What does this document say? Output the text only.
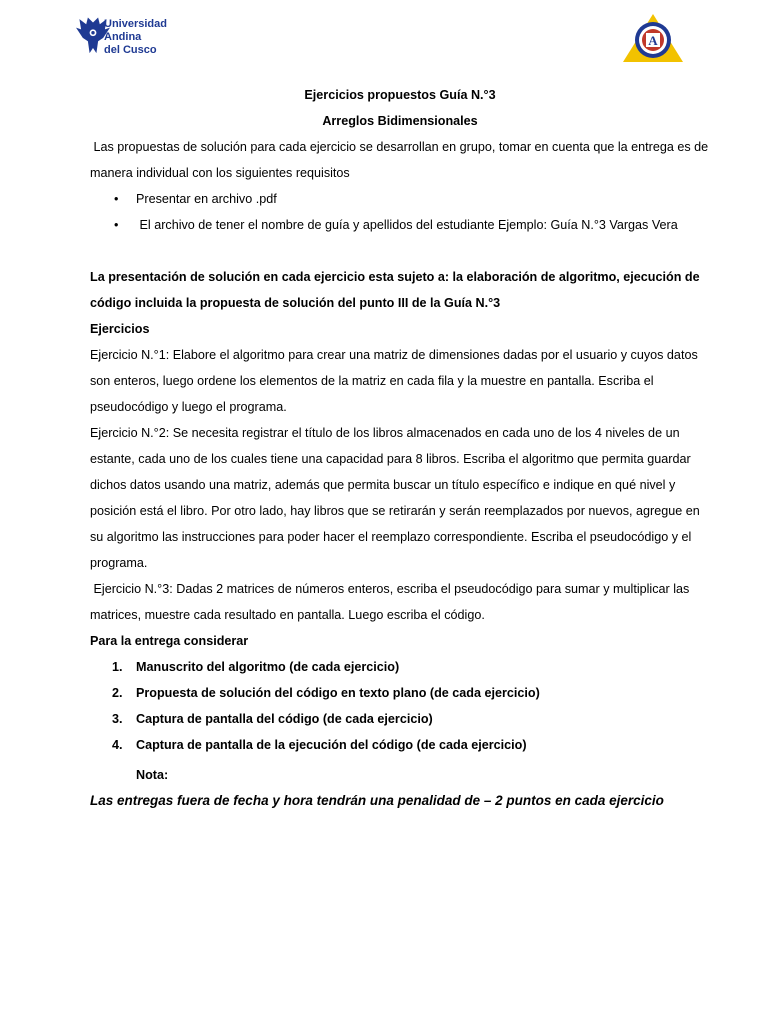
Universidad
Andina
del Cusco
A
Ejercicios propuestos Guía N.°3
Arreglos Bidimensionales

Las propuestas de solución para cada ejercicio se desarrollan en grupo, tomar en cuenta que la entrega es de manera individual con los siguientes requisitos

• Presentar en archivo .pdf
•  El archivo de tener el nombre de guía y apellidos del estudiante Ejemplo: Guía N.°3 Vargas Vera

La presentación de solución en cada ejercicio esta sujeto a: la elaboración de algoritmo, ejecución de código incluida la propuesta de solución del punto III de la Guía N.°3

Ejercicios

Ejercicio N.°1: Elabore el algoritmo para crear una matriz de dimensiones dadas por el usuario y cuyos datos son enteros, luego ordene los elementos de la matriz en cada fila y la muestre en pantalla. Escriba el pseudocódigo y luego el programa.

Ejercicio N.°2: Se necesita registrar el título de los libros almacenados en cada uno de los 4 niveles de un estante, cada uno de los cuales tiene una capacidad para 8 libros. Escriba el algoritmo que permita guardar dichos datos usando una matriz, además que permita buscar un título específico e indique en qué nivel y posición está el libro. Por otro lado, hay libros que se retirarán y serán reemplazados por nuevos, agregue en su algoritmo las instrucciones para poder hacer el reemplazo correspondiente. Escriba el pseudocódigo y el programa.

Ejercicio N.°3: Dadas 2 matrices de números enteros, escriba el pseudocódigo para sumar y multiplicar las matrices, muestre cada resultado en pantalla. Luego escriba el código.

Para la entrega considerar
1. Manuscrito del algoritmo (de cada ejercicio)
2. Propuesta de solución del código en texto plano (de cada ejercicio)
3. Captura de pantalla del código (de cada ejercicio)
4. Captura de pantalla de la ejecución del código (de cada ejercicio)
Nota:
Las entregas fuera de fecha y hora tendrán una penalidad de – 2 puntos en cada ejercicio
